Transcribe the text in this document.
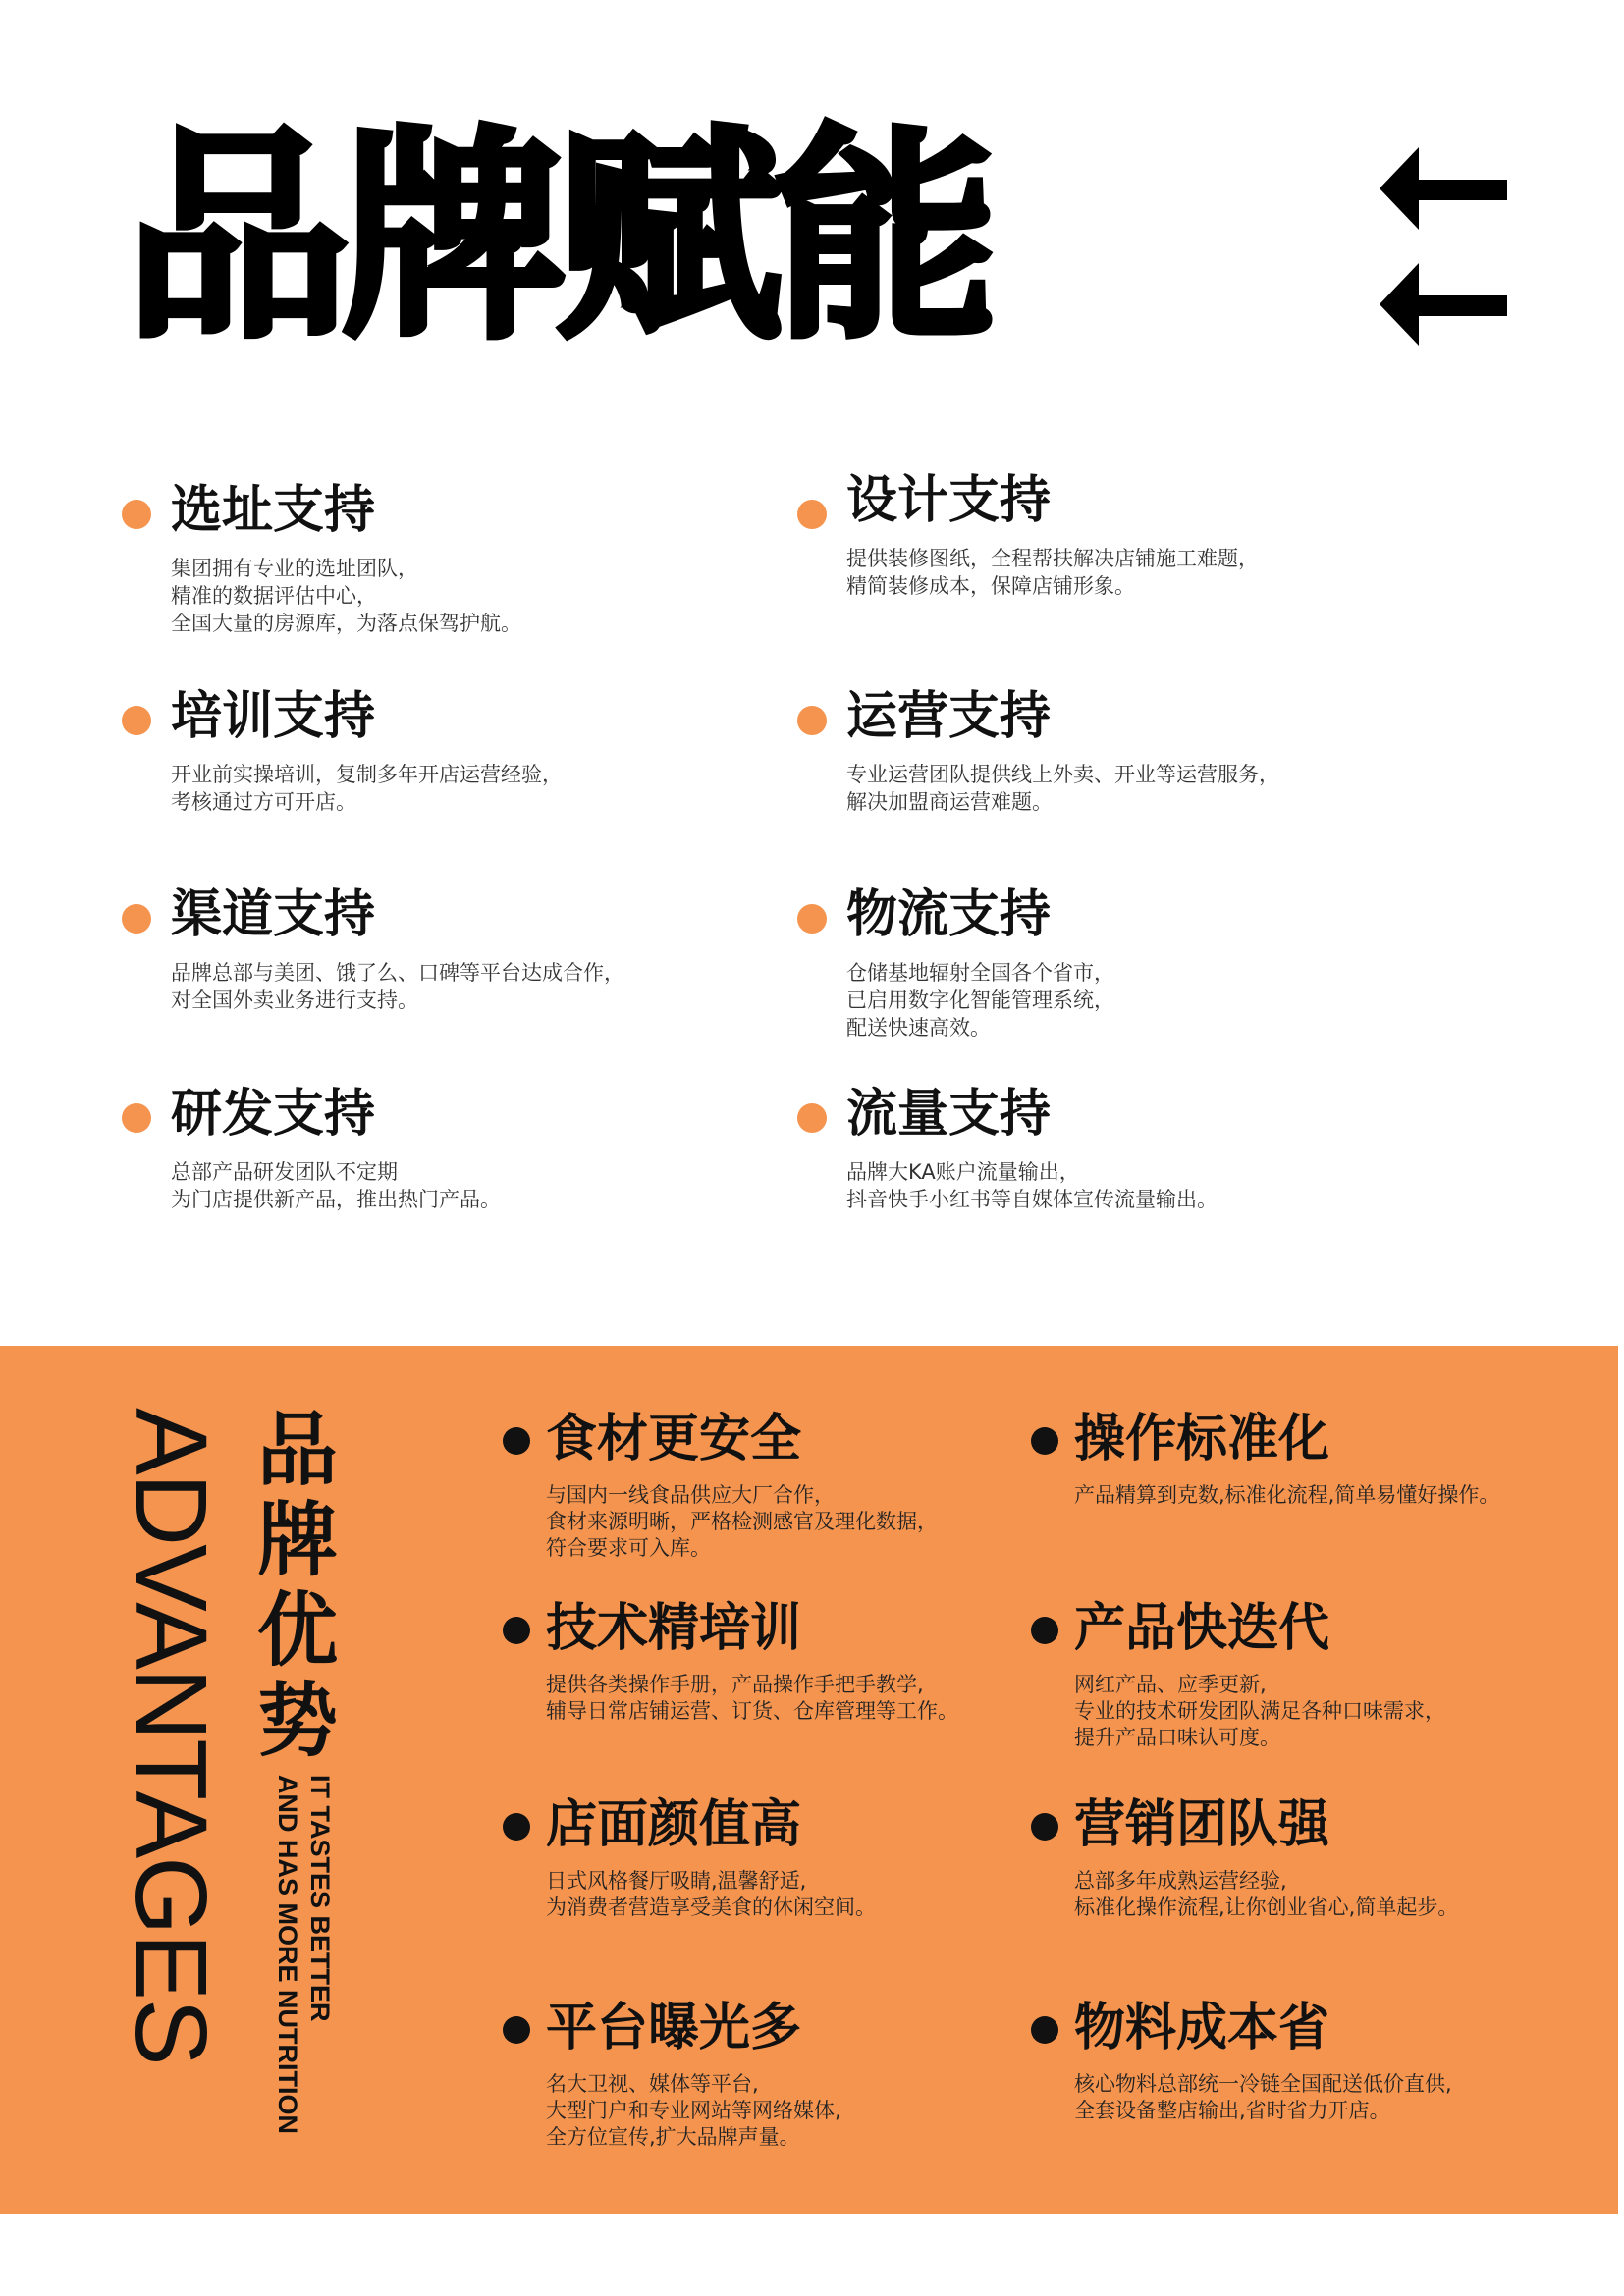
品牌赋能

选址支持

集团拥有专业的选址团队，
精准的数据评估中心，
全国大量的房源库，为落点保驾护航。

设计支持

提供装修图纸，全程帮扶解决店铺施工难题，
精简装修成本，保障店铺形象。

培训支持

开业前实操培训，复制多年开店运营经验，
考核通过方可开店。

运营支持

专业运营团队提供线上外卖、开业等运营服务，
解决加盟商运营难题。

渠道支持

品牌总部与美团、饿了么、口碑等平台达成合作，
对全国外卖业务进行支持。

物流支持

仓储基地辐射全国各个省市，
已启用数字化智能管理系统，
配送快速高效。

研发支持

总部产品研发团队不定期
为门店提供新产品，推出热门产品。

流量支持

品牌大KA账户流量输出，
抖音快手小红书等自媒体宣传流量输出。

ADVANTAGES 品
牌
优
势
IT TASTES BETTER
AND HAS MORE NUTRITION

食材更安全

与国内一线食品供应大厂合作，
食材来源明晰，严格检测感官及理化数据，
符合要求可入库。

操作标准化

产品精算到克数,标准化流程,简单易懂好操作。

技术精培训

提供各类操作手册，产品操作手把手教学,
辅导日常店铺运营、订货、仓库管理等工作。

产品快迭代

网红产品、应季更新,
专业的技术研发团队满足各种口味需求，
提升产品口味认可度。

店面颜值高

日式风格餐厅吸睛,温馨舒适,
为消费者营造享受美食的休闲空间。

营销团队强

总部多年成熟运营经验,
标准化操作流程,让你创业省心,简单起步。

平台曝光多

名大卫视、媒体等平台,
大型门户和专业网站等网络媒体,
全方位宣传,扩大品牌声量。

物料成本省

核心物料总部统一冷链全国配送低价直供,
全套设备整店输出,省时省力开店。
